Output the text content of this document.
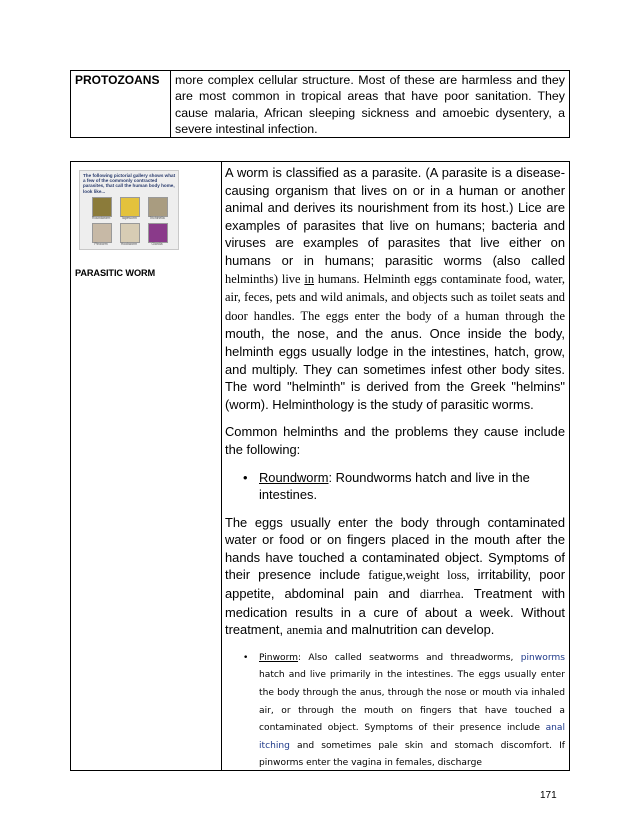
PROTOZOANS	more complex cellular structure. Most of these are harmless and they are most common in tropical areas that have poor sanitation. They cause malaria, African sleeping sickness and amoebic dysentery, a severe intestinal infection.
The following pictorial gallery shows what a few of the commonly contracted parasites, that call the human body home, look like...
Roundworm	Tapeworm	Trichinella
Pinworm	Hookworm	Giardia
PARASITIC WORM

A worm is classified as a parasite. (A parasite is a disease-causing organism that lives on or in a human or another animal and derives its nourishment from its host.) Lice are examples of parasites that live on humans; bacteria and viruses are examples of parasites that live either on humans or in humans; parasitic worms (also called helminths) live in humans. Helminth eggs contaminate food, water, air, feces, pets and wild animals, and objects such as toilet seats and door handles. The eggs enter the body of a human through the mouth, the nose, and the anus. Once inside the body, helminth eggs usually lodge in the intestines, hatch, grow, and multiply. They can sometimes infest other body sites. The word "helminth" is derived from the Greek "helmins" (worm). Helminthology is the study of parasitic worms.

Common helminths and the problems they cause include the following:

• Roundworm: Roundworms hatch and live in the intestines.

The eggs usually enter the body through contaminated water or food or on fingers placed in the mouth after the hands have touched a contaminated object. Symptoms of their presence include fatigue,weight loss, irritability, poor appetite, abdominal pain and diarrhea. Treatment with medication results in a cure of about a week. Without treatment, anemia and malnutrition can develop.

• Pinworm: Also called seatworms and threadworms, pinworms hatch and live primarily in the intestines. The eggs usually enter the body through the anus, through the nose or mouth via inhaled air, or through the mouth on fingers that have touched a contaminated object. Symptoms of their presence include anal itching and sometimes pale skin and stomach discomfort. If pinworms enter the vagina in females, discharge

171
